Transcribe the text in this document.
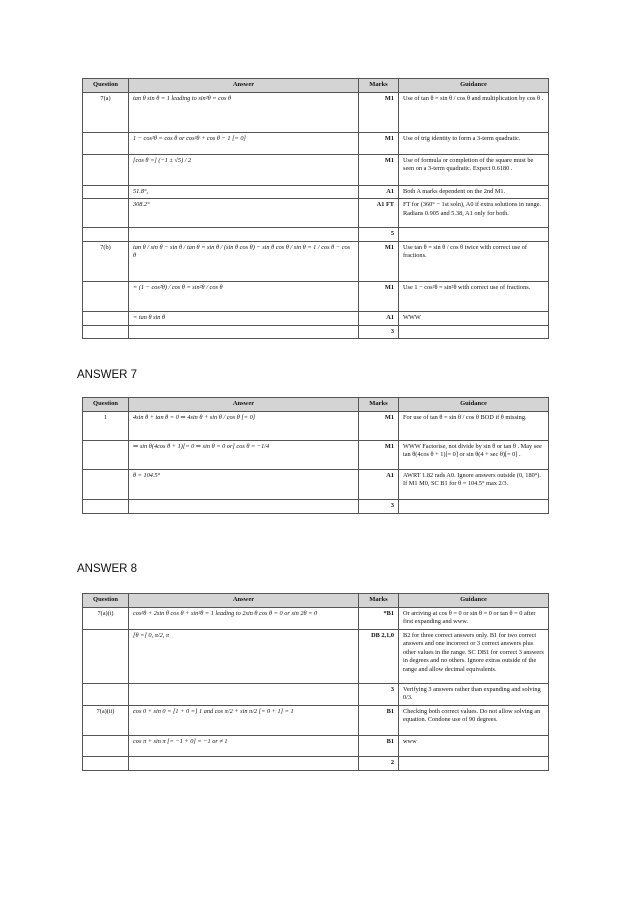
Question	Answer	Marks	Guidance
7(a)	tan θ sin θ = 1 leading to sin²θ = cos θ	M1	Use of tan θ = sin θ / cos θ and multiplication by cos θ .
	1 − cos²θ = cos θ or cos²θ + cos θ − 1 [= 0]	M1	Use of trig identity to form a 3-term quadratic.
	[cos θ =] (−1 ± √5) / 2	M1	Use of formula or completion of the square must be seen on a 3-term quadratic. Expect 0.6180 .
	51.8°,	A1	Both A marks dependent on the 2nd M1.
	308.2°	A1 FT	FT for (360° − 1st soln), A0 if extra solutions in range. Radians 0.905 and 5.38, A1 only for both.
		5	
7(b)	tan θ / sin θ − sin θ / tan θ = sin θ / (sin θ cos θ) − sin θ cos θ / sin θ = 1 / cos θ − cos θ	M1	Use tan θ = sin θ / cos θ twice with correct use of fractions.
	= (1 − cos²θ) / cos θ = sin²θ / cos θ	M1	Use 1 − cos²θ = sin²θ with correct use of fractions.
	= tan θ sin θ	A1	WWW
		3	
ANSWER 7
Question	Answer	Marks	Guidance
1	4sin θ + tan θ = 0 ⇒ 4sin θ + sin θ / cos θ [= 0]	M1	For use of tan θ = sin θ / cos θ BOD if θ missing.
	⇒ sin θ(4cos θ + 1)[= 0 ⇒ sin θ = 0 or] cos θ = −1/4	M1	WWW Factorise, not divide by sin θ or tan θ . May see tan θ(4cos θ + 1)[= 0] or sin θ(4 + sec θ)[= 0] .
	θ = 104.5°	A1	AWRT 1.82 rads A0. Ignore answers outside (0, 180°). If M1 M0, SC B1 for θ = 104.5° max 2/3.
		3	
ANSWER 8
Question	Answer	Marks	Guidance
7(a)(i)	cos²θ + 2sin θ cos θ + sin²θ = 1 leading to 2sin θ cos θ = 0 or sin 2θ = 0	*B1	Or arriving at cos θ = 0 or sin θ = 0 or tan θ = 0 after first expanding and www.
	[θ =] 0, π/2, π	DB 2,1,0	B2 for three correct answers only. B1 for two correct answers and one incorrect or 3 correct answers plus other values in the range. SC DB1 for correct 3 answers in degrees and no others. Ignore extras outside of the range and allow decimal equivalents.
		3	Verifying 3 answers rather than expanding and solving 0/3.
7(a)(ii)	cos 0 + sin 0 = [1 + 0 =] 1 and cos π/2 + sin π/2 [= 0 + 1] = 1	B1	Checking both correct values. Do not allow solving an equation. Condone use of 90 degrees.
	cos π + sin π [= −1 + 0] = −1 or ≠ 1	B1	www
		2	
